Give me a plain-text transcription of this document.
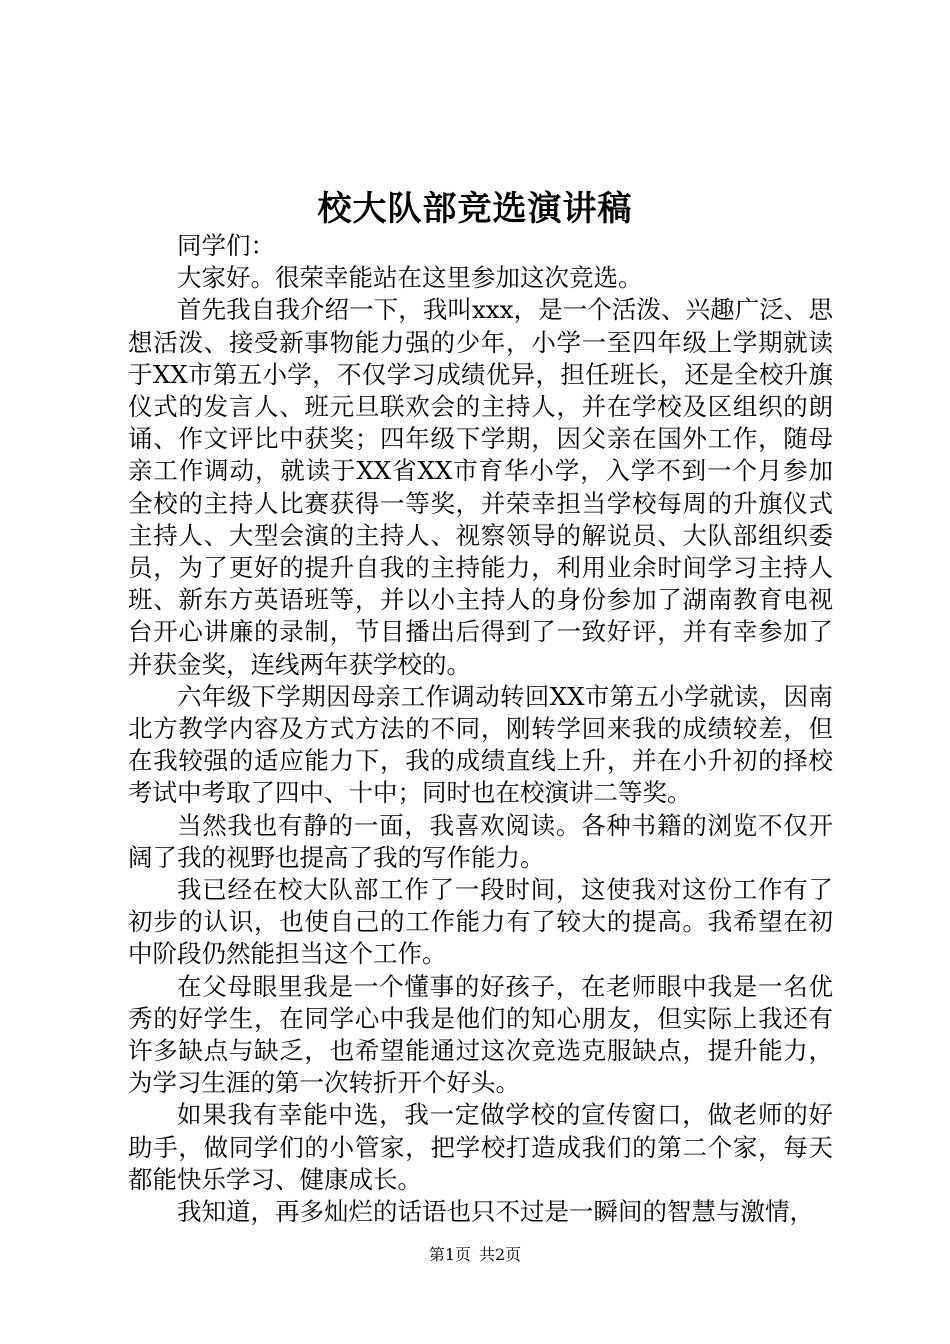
校大队部竞选演讲稿

同学们：

大家好。很荣幸能站在这里参加这次竞选。

首先我自我介绍一下，我叫xxx，是一个活泼、兴趣广泛、思想活泼、接受新事物能力强的少年，小学一至四年级上学期就读于XX市第五小学，不仅学习成绩优异，担任班长，还是全校升旗仪式的发言人、班元旦联欢会的主持人，并在学校及区组织的朗诵、作文评比中获奖；四年级下学期，因父亲在国外工作，随母亲工作调动，就读于XX省XX市育华小学，入学不到一个月参加全校的主持人比赛获得一等奖，并荣幸担当学校每周的升旗仪式主持人、大型会演的主持人、视察领导的解说员、大队部组织委员，为了更好的提升自我的主持能力，利用业余时间学习主持人班、新东方英语班等，并以小主持人的身份参加了湖南教育电视台开心讲廉的录制，节目播出后得到了一致好评，并有幸参加了并获金奖，连线两年获学校的。

六年级下学期因母亲工作调动转回XX市第五小学就读，因南北方教学内容及方式方法的不同，刚转学回来我的成绩较差，但在我较强的适应能力下，我的成绩直线上升，并在小升初的择校考试中考取了四中、十中；同时也在校演讲二等奖。

当然我也有静的一面，我喜欢阅读。各种书籍的浏览不仅开阔了我的视野也提高了我的写作能力。

我已经在校大队部工作了一段时间，这使我对这份工作有了初步的认识，也使自己的工作能力有了较大的提高。我希望在初中阶段仍然能担当这个工作。

在父母眼里我是一个懂事的好孩子，在老师眼中我是一名优秀的好学生，在同学心中我是他们的知心朋友，但实际上我还有许多缺点与缺乏，也希望能通过这次竞选克服缺点，提升能力，为学习生涯的第一次转折开个好头。

如果我有幸能中选，我一定做学校的宣传窗口，做老师的好助手，做同学们的小管家，把学校打造成我们的第二个家，每天都能快乐学习、健康成长。

我知道，再多灿烂的话语也只不过是一瞬间的智慧与激情，

第1页 共2页
